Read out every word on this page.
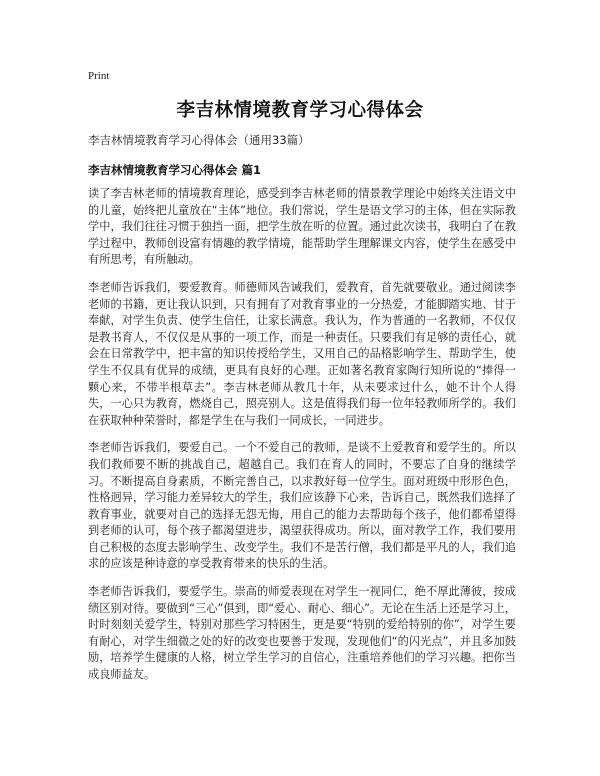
Print
李吉林情境教育学习心得体会
李吉林情境教育学习心得体会（通用33篇）
李吉林情境教育学习心得体会 篇1

读了李吉林老师的情境教育理论，感受到李吉林老师的情景教学理论中始终关注语文中的儿童，始终把儿童放在“主体”地位。我们常说，学生是语文学习的主体，但在实际教学中，我们往往习惯于独挡一面，把学生放在听的位置。通过此次读书，我明白了在教学过程中，教师创设富有情趣的教学情境，能帮助学生理解课文内容，使学生在感受中有所思考，有所触动。

李老师告诉我们，要爱教育。师德师风告诫我们，爱教育，首先就要敬业。通过阅读李老师的书籍，更让我认识到，只有拥有了对教育事业的一分热爱，才能脚踏实地、甘于奉献，对学生负责、使学生信任，让家长满意。我认为，作为普通的一名教师，不仅仅是教书育人，不仅仅是从事的一项工作，而是一种责任。只要我们有足够的责任心，就会在日常教学中，把丰富的知识传授给学生，又用自己的品格影响学生、帮助学生，使学生不仅具有优异的成绩，更具有良好的心理。正如著名教育家陶行知所说的“捧得一颗心来，不带半根草去”。李吉林老师从教几十年，从未要求过什么，她不计个人得失，一心只为教育，燃烧自己，照亮别人。这是值得我们每一位年轻教师所学的。我们在获取种种荣誉时，都是学生在与我们一同成长，一同进步。

李老师告诉我们，要爱自己。一个不爱自己的教师，是谈不上爱教育和爱学生的。所以我们教师要不断的挑战自己，超越自己。我们在育人的同时，不要忘了自身的继续学习。不断提高自身素质，不断完善自己，以求教好每一位学生。面对班级中形形色色，性格迥异，学习能力差异较大的学生，我们应该静下心来，告诉自己，既然我们选择了教育事业，就要对自己的选择无怨无悔，用自己的能力去帮助每个孩子，他们都希望得到老师的认可，每个孩子都渴望进步，渴望获得成功。所以，面对教学工作，我们要用自己积极的态度去影响学生、改变学生。我们不是苦行僧，我们都是平凡的人，我们追求的应该是种诗意的享受教育带来的快乐的生活。

李老师告诉我们，要爱学生。崇高的师爱表现在对学生一视同仁，绝不厚此薄彼，按成绩区别对待。要做到“三心”俱到，即“爱心、耐心、细心”。无论在生活上还是学习上，时时刻刻关爱学生，特别对那些学习特困生，更是要“特别的爱给特别的你”，对学生要有耐心，对学生细微之处的好的改变也要善于发现，发现他们“的闪光点”，并且多加鼓励，培养学生健康的人格，树立学生学习的自信心，注重培养他们的学习兴趣。把你当成良师益友。
